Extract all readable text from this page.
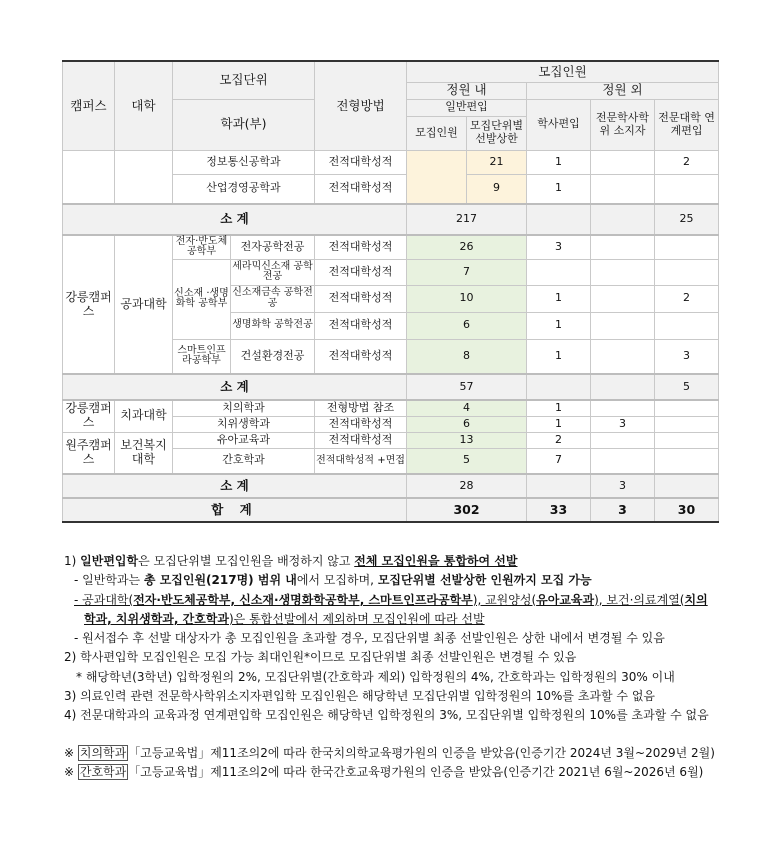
캠퍼스	대학	모집단위		전형방법	모집인원				
					정원 내		정원 외		
		학과(부)			일반편입		학사편입	전문학사학위 소지자	전문대학 연계편입
					모집인원	모집단위별 선발상한			
		정보통신공학과		전적대학성적		21	1		2
		산업경영공학과		전적대학성적		9	1		
소 계					217				25
강릉캠퍼스	공과대학	전자·반도체 공학부	전자공학전공	전적대학성적	26		3		
		신소재 ·생명화학 공학부	세라믹신소재 공학전공	전적대학성적	7				
			신소재금속 공학전공	전적대학성적	10		1		2
			생명화학 공학전공	전적대학성적	6		1		
		스마트인프 라공학부	건설환경전공	전적대학성적	8		1		3
소 계					57				5
강릉캠퍼스	치과대학	치의학과		전형방법 참조	4		1		
		치위생학과		전적대학성적	6		1	3	
원주캠퍼스	보건복지 대학	유아교육과		전적대학성적	13		2		
		간호학과		전적대학성적 +면접	5		7		
소 계					28			3	
합 계					302		33	3	30
1) 일반편입학은 모집단위별 모집인원을 배정하지 않고 전체 모집인원을 통합하여 선발
- 일반학과는 총 모집인원(217명) 범위 내에서 모집하며, 모집단위별 선발상한 인원까지 모집 가능
- 공과대학(전자·반도체공학부, 신소재·생명화학공학부, 스마트인프라공학부), 교원양성(유아교육과), 보건·의료계열(치의
학과, 치위생학과, 간호학과)은 통합선발에서 제외하며 모집인원에 따라 선발
- 원서접수 후 선발 대상자가 총 모집인원을 초과할 경우, 모집단위별 최종 선발인원은 상한 내에서 변경될 수 있음
2) 학사편입학 모집인원은 모집 가능 최대인원*이므로 모집단위별 최종 선발인원은 변경될 수 있음
* 해당학년(3학년) 입학정원의 2%, 모집단위별(간호학과 제외) 입학정원의 4%, 간호학과는 입학정원의 30% 이내
3) 의료인력 관련 전문학사학위소지자편입학 모집인원은 해당학년 모집단위별 입학정원의 10%를 초과할 수 없음
4) 전문대학과의 교육과정 연계편입학 모집인원은 해당학년 입학정원의 3%, 모집단위별 입학정원의 10%를 초과할 수 없음
※ 치의학과 「고등교육법」제11조의2에 따라 한국치의학교육평가원의 인증을 받았음(인증기간 2024년 3월~2029년 2월)
※ 간호학과 「고등교육법」제11조의2에 따라 한국간호교육평가원의 인증을 받았음(인증기간 2021년 6월~2026년 6월)
